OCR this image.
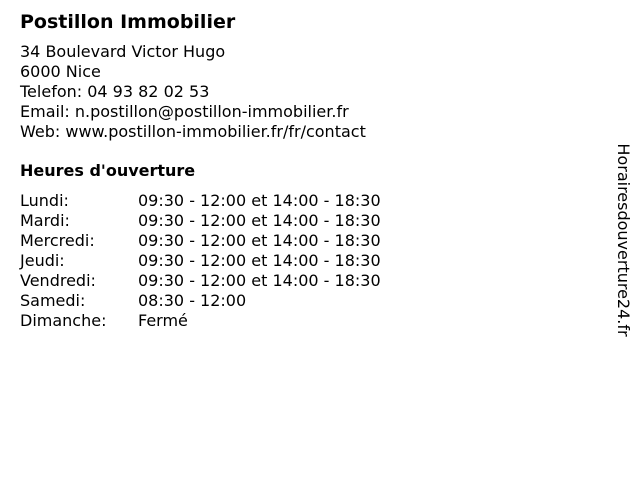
Postillon Immobilier
34 Boulevard Victor Hugo
6000 Nice
Telefon: 04 93 82 02 53
Email: n.postillon@postillon-immobilier.fr
Web: www.postillon-immobilier.fr/fr/contact
Heures d'ouverture
Lundi:	09:30 - 12:00 et 14:00 - 18:30
Mardi:	09:30 - 12:00 et 14:00 - 18:30
Mercredi:	09:30 - 12:00 et 14:00 - 18:30
Jeudi:	09:30 - 12:00 et 14:00 - 18:30
Vendredi:	09:30 - 12:00 et 14:00 - 18:30
Samedi:	08:30 - 12:00
Dimanche:	Fermé	Horairesdouverture24.fr
